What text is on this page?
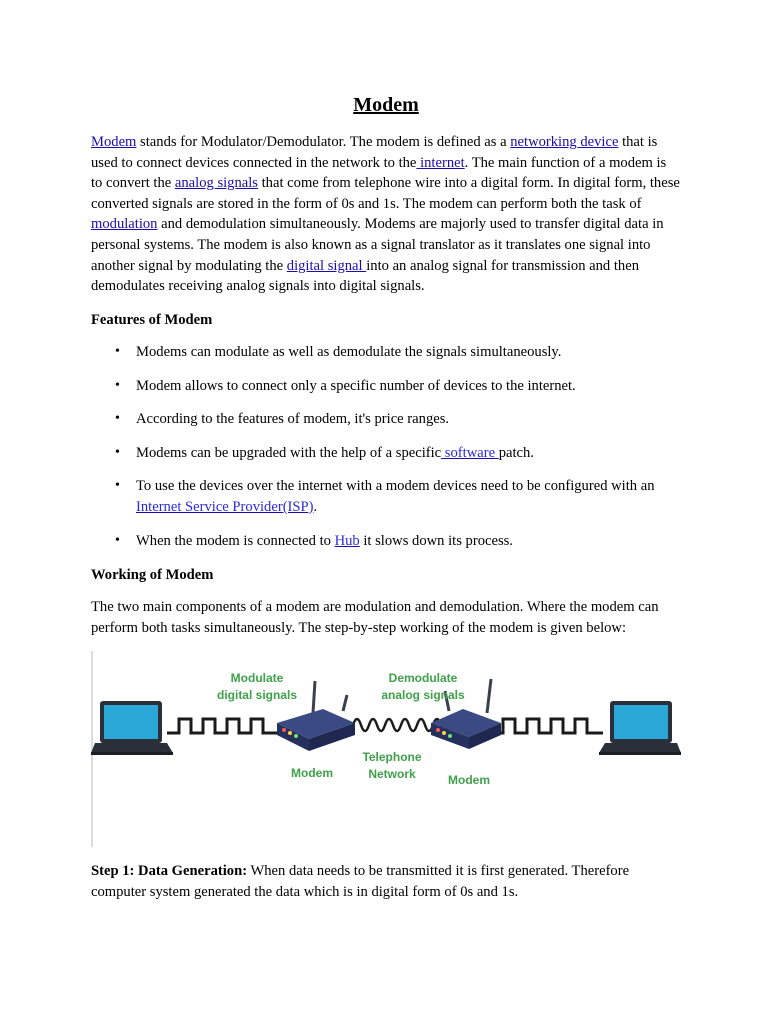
Modem

Modem stands for Modulator/Demodulator. The modem is defined as a networking device that is used to connect devices connected in the network to the internet. The main function of a modem is to convert the analog signals that come from telephone wire into a digital form. In digital form, these converted signals are stored in the form of 0s and 1s. The modem can perform both the task of modulation and demodulation simultaneously. Modems are majorly used to transfer digital data in personal systems. The modem is also known as a signal translator as it translates one signal into another signal by modulating the digital signal into an analog signal for transmission and then demodulates receiving analog signals into digital signals.

Features of Modem
• Modems can modulate as well as demodulate the signals simultaneously.
• Modem allows to connect only a specific number of devices to the internet.
• According to the features of modem, it's price ranges.
• Modems can be upgraded with the help of a specific software patch.
• To use the devices over the internet with a modem devices need to be configured with an Internet Service Provider(ISP).
• When the modem is connected to Hub it slows down its process.
Working of Modem

The two main components of a modem are modulation and demodulation. Where the modem can perform both tasks simultaneously. The step-by-step working of the modem is given below:

Step 1: Data Generation: When data needs to be transmitted it is first generated. Therefore computer system generated the data which is in digital form of 0s and 1s.

Modulate
digital signals
Demodulate
analog signals
Telephone
Network
Modem	Modem
